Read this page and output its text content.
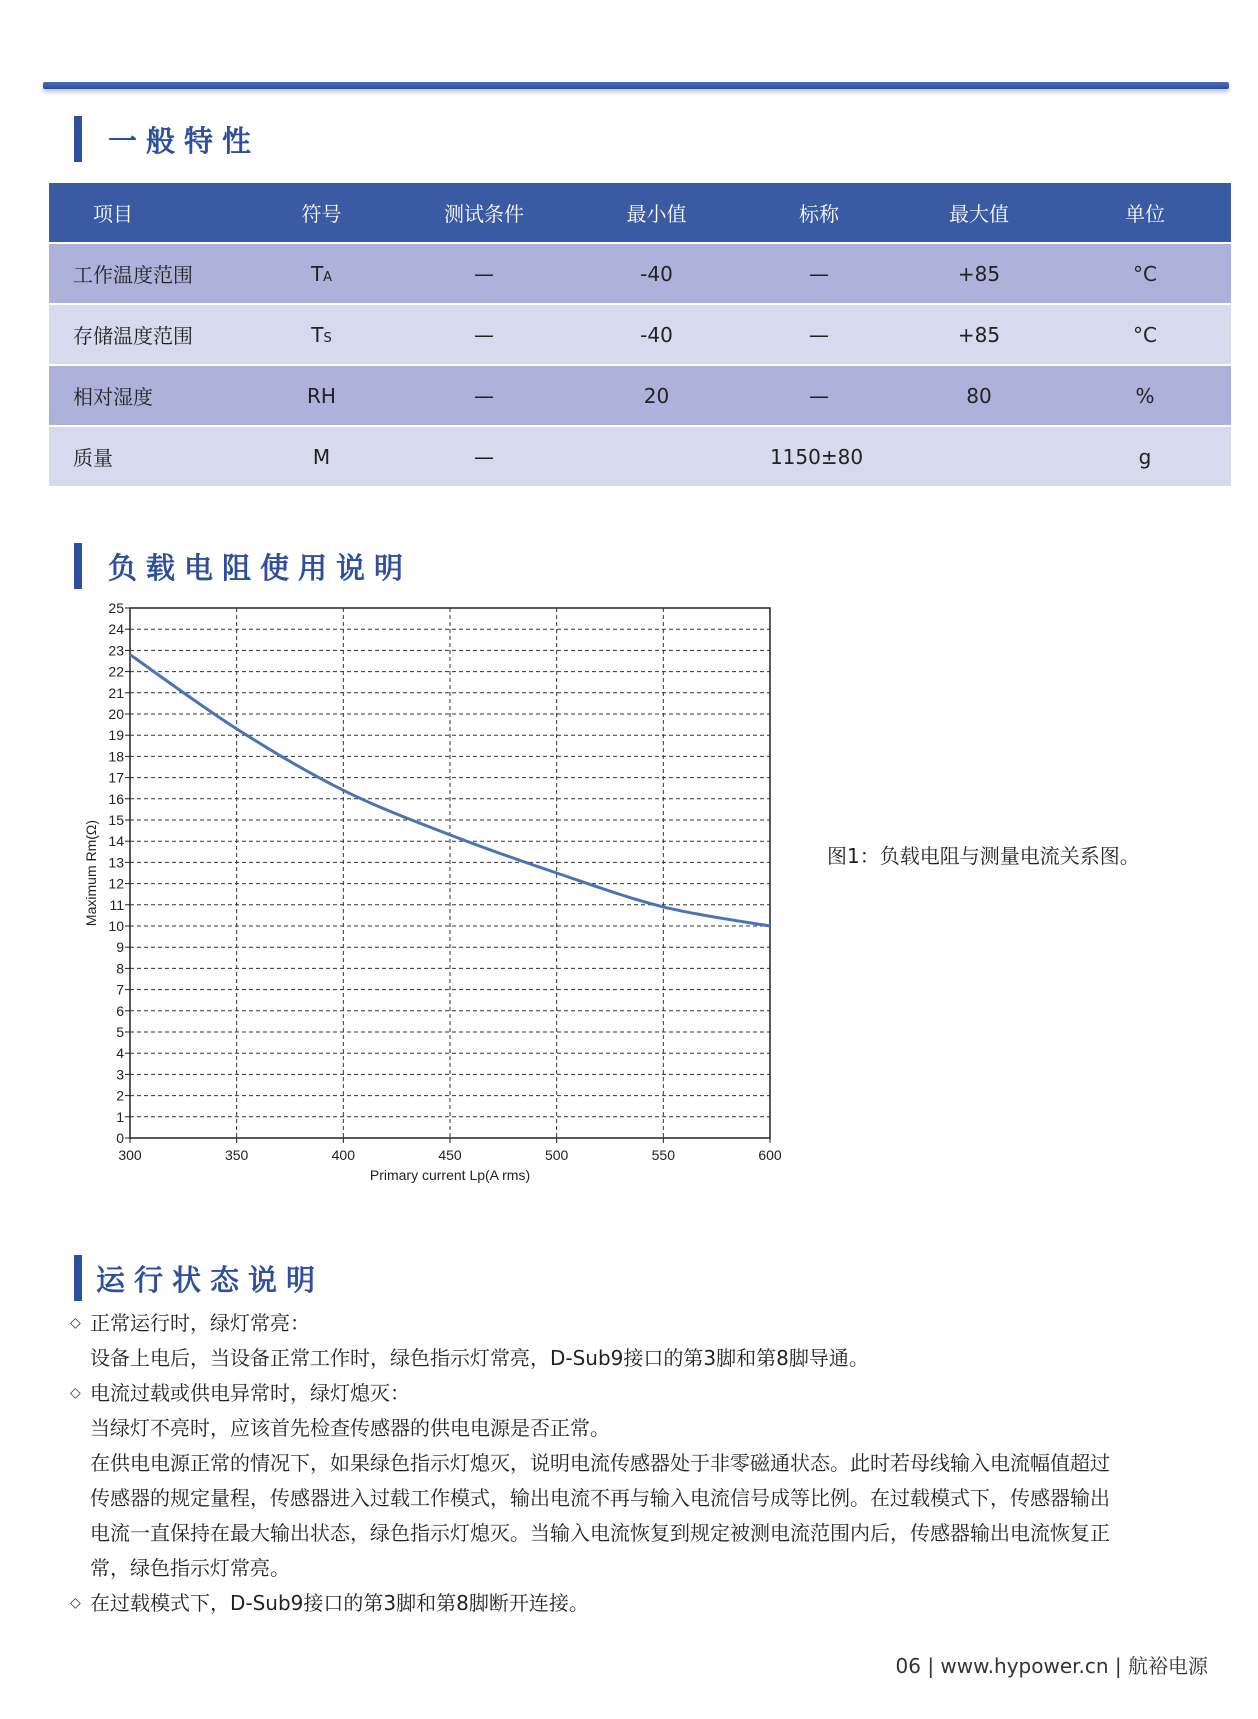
一般特性
项目	符号	测试条件	最小值	标称	最大值	单位
工作温度范围	TA	—	-40	—	+85	°C
存储温度范围	TS	—	-40	—	+85	°C
相对湿度	RH	—	20	—	80	%
质量	M	—	1150±80			g
负载电阻使用说明
0
1
2
3
4
5
6
7
8
9
10
11
12
13
14
15
16
17
18
19
20
21
22
23
24
25
300	350	400	450	500	550	600
Primary current Lp(A rms)
Maximum Rm(Ω)	图1：负载电阻与测量电流关系图。
运行状态说明
◇ 正常运行时，绿灯常亮：
设备上电后，当设备正常工作时，绿色指示灯常亮，D-Sub9接口的第3脚和第8脚导通。
◇ 电流过载或供电异常时，绿灯熄灭：
当绿灯不亮时，应该首先检查传感器的供电电源是否正常。
在供电电源正常的情况下，如果绿色指示灯熄灭，说明电流传感器处于非零磁通状态。此时若母线输入电流幅值超过
传感器的规定量程，传感器进入过载工作模式，输出电流不再与输入电流信号成等比例。在过载模式下，传感器输出
电流一直保持在最大输出状态，绿色指示灯熄灭。当输入电流恢复到规定被测电流范围内后，传感器输出电流恢复正
常，绿色指示灯常亮。
◇ 在过载模式下，D-Sub9接口的第3脚和第8脚断开连接。
06 | www.hypower.cn | 航裕电源
